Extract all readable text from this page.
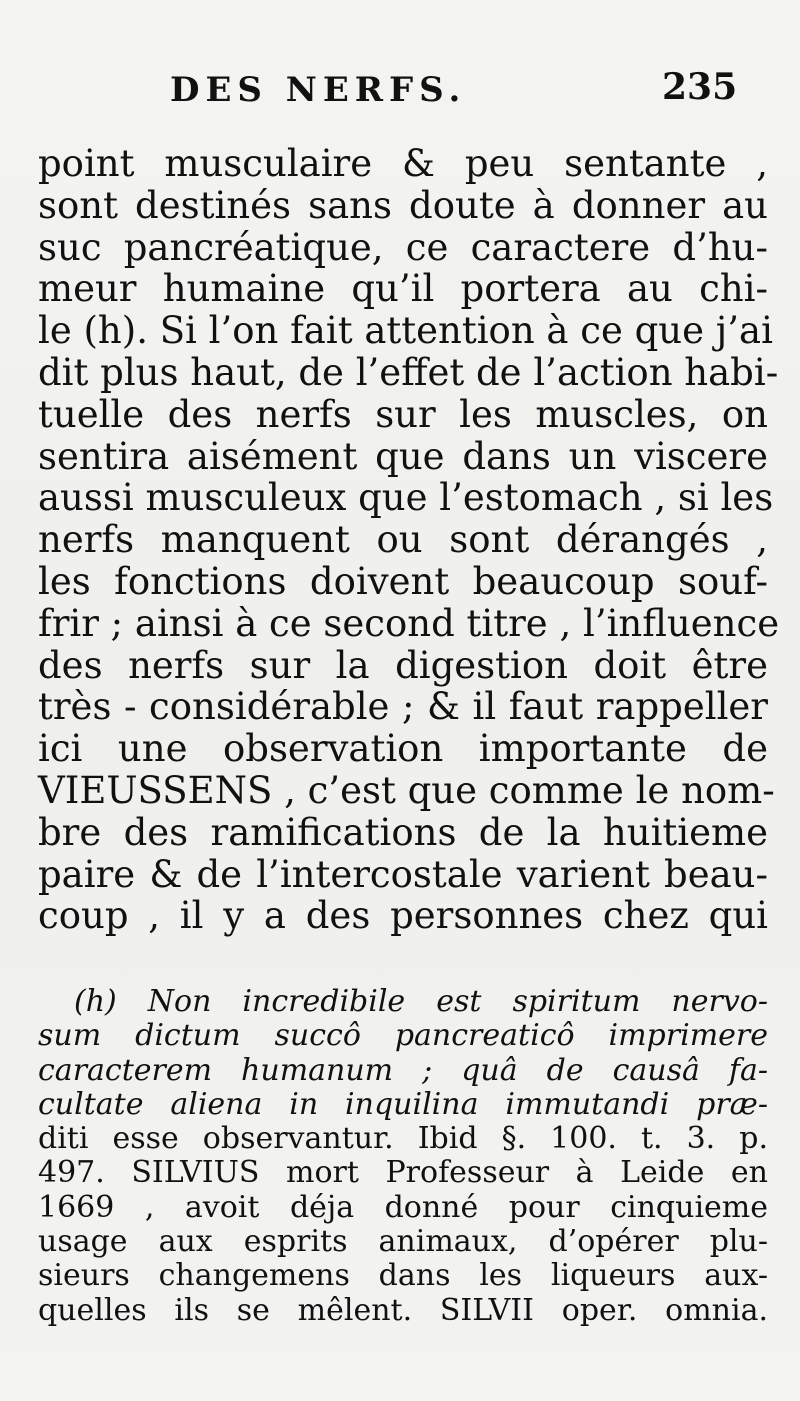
DES NERFS.	235
point musculaire & peu sentante ,
sont destinés sans doute à donner au
suc pancréatique, ce caractere d’hu-
meur humaine qu’il portera au chi-
le (h). Si l’on fait attention à ce que j’ai
dit plus haut, de l’effet de l’action habi-
tuelle des nerfs sur les muscles, on
sentira aisément que dans un viscere
aussi musculeux que l’estomach , si les
nerfs manquent ou sont dérangés ,
les fonctions doivent beaucoup souf-
frir ; ainsi à ce second titre , l’influence
des nerfs sur la digestion doit être
très - considérable ; & il faut rappeller
ici une observation importante de
VIEUSSENS , c’est que comme le nom-
bre des ramifications de la huitieme
paire & de l’intercostale varient beau-
coup , il y a des personnes chez qui
(h) Non incredibile est spiritum nervo-
sum dictum succô pancreaticô imprimere
caracterem humanum ; quâ de causâ fa-
cultate aliena in inquilina immutandi præ-
diti esse observantur. Ibid §. 100. t. 3. p.
497. SILVIUS mort Professeur à Leide en
1669 , avoit déja donné pour cinquieme
usage aux esprits animaux, d’opérer plu-
sieurs changemens dans les liqueurs aux-
quelles ils se mêlent. SILVII oper. omnia.
